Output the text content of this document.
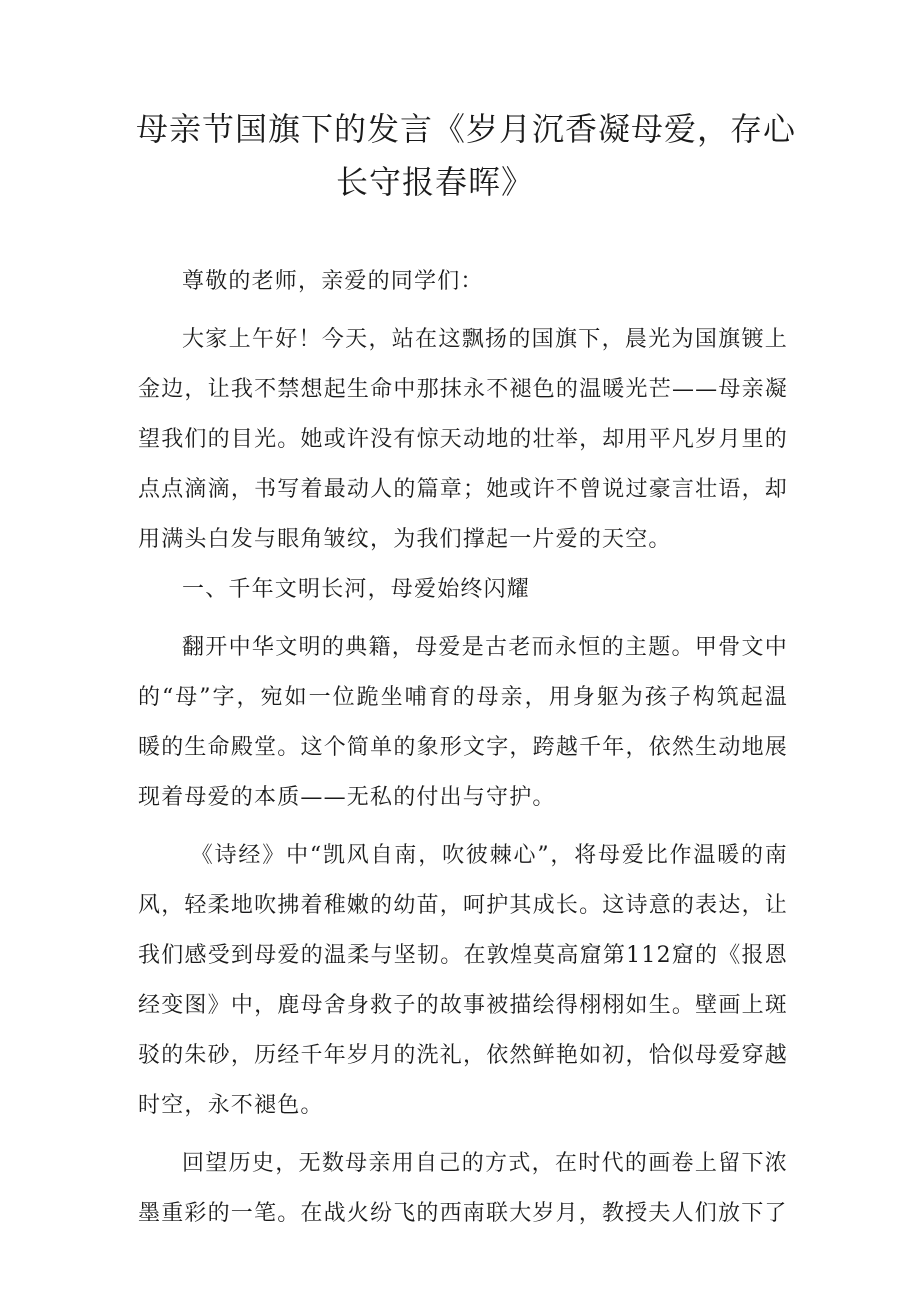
母亲节国旗下的发言《岁月沉香凝母爱，存心
长守报春晖》

尊敬的老师，亲爱的同学们：

大家上午好！今天，站在这飘扬的国旗下，晨光为国旗镀上金边，让我不禁想起生命中那抹永不褪色的温暖光芒——母亲凝望我们的目光。她或许没有惊天动地的壮举，却用平凡岁月里的点点滴滴，书写着最动人的篇章；她或许不曾说过豪言壮语，却用满头白发与眼角皱纹，为我们撑起一片爱的天空。

一、千年文明长河，母爱始终闪耀

翻开中华文明的典籍，母爱是古老而永恒的主题。甲骨文中的“母”字，宛如一位跪坐哺育的母亲，用身躯为孩子构筑起温暖的生命殿堂。这个简单的象形文字，跨越千年，依然生动地展现着母爱的本质——无私的付出与守护。

《诗经》中“凯风自南，吹彼棘心”，将母爱比作温暖的南风，轻柔地吹拂着稚嫩的幼苗，呵护其成长。这诗意的表达，让我们感受到母爱的温柔与坚韧。在敦煌莫高窟第112窟的《报恩经变图》中，鹿母舍身救子的故事被描绘得栩栩如生。壁画上斑驳的朱砂，历经千年岁月的洗礼，依然鲜艳如初，恰似母爱穿越时空，永不褪色。

回望历史，无数母亲用自己的方式，在时代的画卷上留下浓墨重彩的一笔。在战火纷飞的西南联大岁月，教授夫人们放下了
